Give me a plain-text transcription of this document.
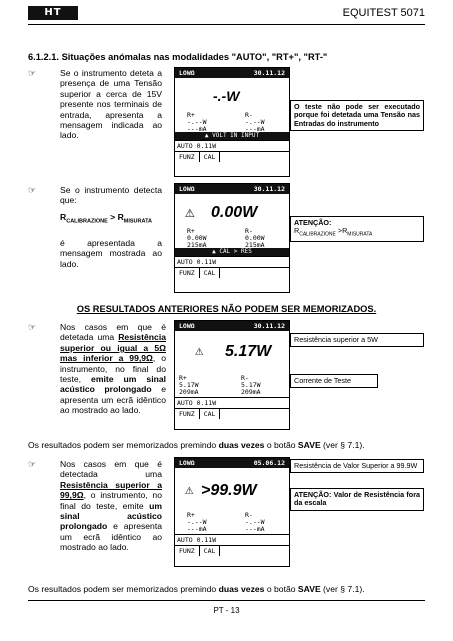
HT	EQUITEST 5071
6.1.2.1. Situações anómalas nas modalidades "AUTO", "RT+", "RT-"
☞	Se o instrumento deteta a presença de uma Tensão superior a cerca de 15V presente nos terminais de entrada, apresenta a mensagem indicada ao lado.
LOWΩ	30.11.12
-.-W
R+
-.--W
---mA
R-
-.--W
---mA
▲ VOLT IN INPUT
AUTO 0.11W
FUNZ	CAL
O teste não pode ser executado porque foi detetada uma Tensão nas Entradas do instrumento
☞	Se o instrumento detecta que:
$R_{CALIBRAZIONE} > R_{MISURATA}$
é apresentada a mensagem mostrada ao lado.
LOWΩ	30.11.12
⚠ 0.00W
R+
0.00W
215mA
R-
0.00W
215mA
▲ CAL > RES
AUTO 0.11W
FUNZ	CAL
ATENÇÃO:
$R_{CALIBRAZIONE} >R_{MISURATA}$
OS RESULTADOS ANTERIORES NÃO PODEM SER MEMORIZADOS.
☞	Nos casos em que é detetada uma Resistência superior ou igual a 5Ω mas inferior a 99,9Ω, o instrumento, no final do teste, emite um sinal acústico prolongado e apresenta um ecrã idêntico ao mostrado ao lado.
LOWΩ	30.11.12
⚠ 5.17W
R+
5.17W
209mA
R-
5.17W
209mA
AUTO 0.11W
FUNZ	CAL
Resistência superior a 5W
Corrente de Teste
Os resultados podem ser memorizados premindo duas vezes o botão SAVE (ver § 7.1).
☞	Nos casos em que é detectada uma Resistência superior a 99,9Ω, o instrumento, no final do teste, emite um sinal acústico prolongado e apresenta um ecrã idêntico ao mostrado ao lado.
LOWΩ	05.06.12
⚠ >99.9W
R+
-.--W
---mA
R-
-.--W
---mA
AUTO 0.11W
FUNZ	CAL
Resistência de Valor Superior a 99.9W
ATENÇÃO: Valor de Resistência fora da escala
Os resultados podem ser memorizados premindo duas vezes o botão SAVE (ver § 7.1).
PT - 13
